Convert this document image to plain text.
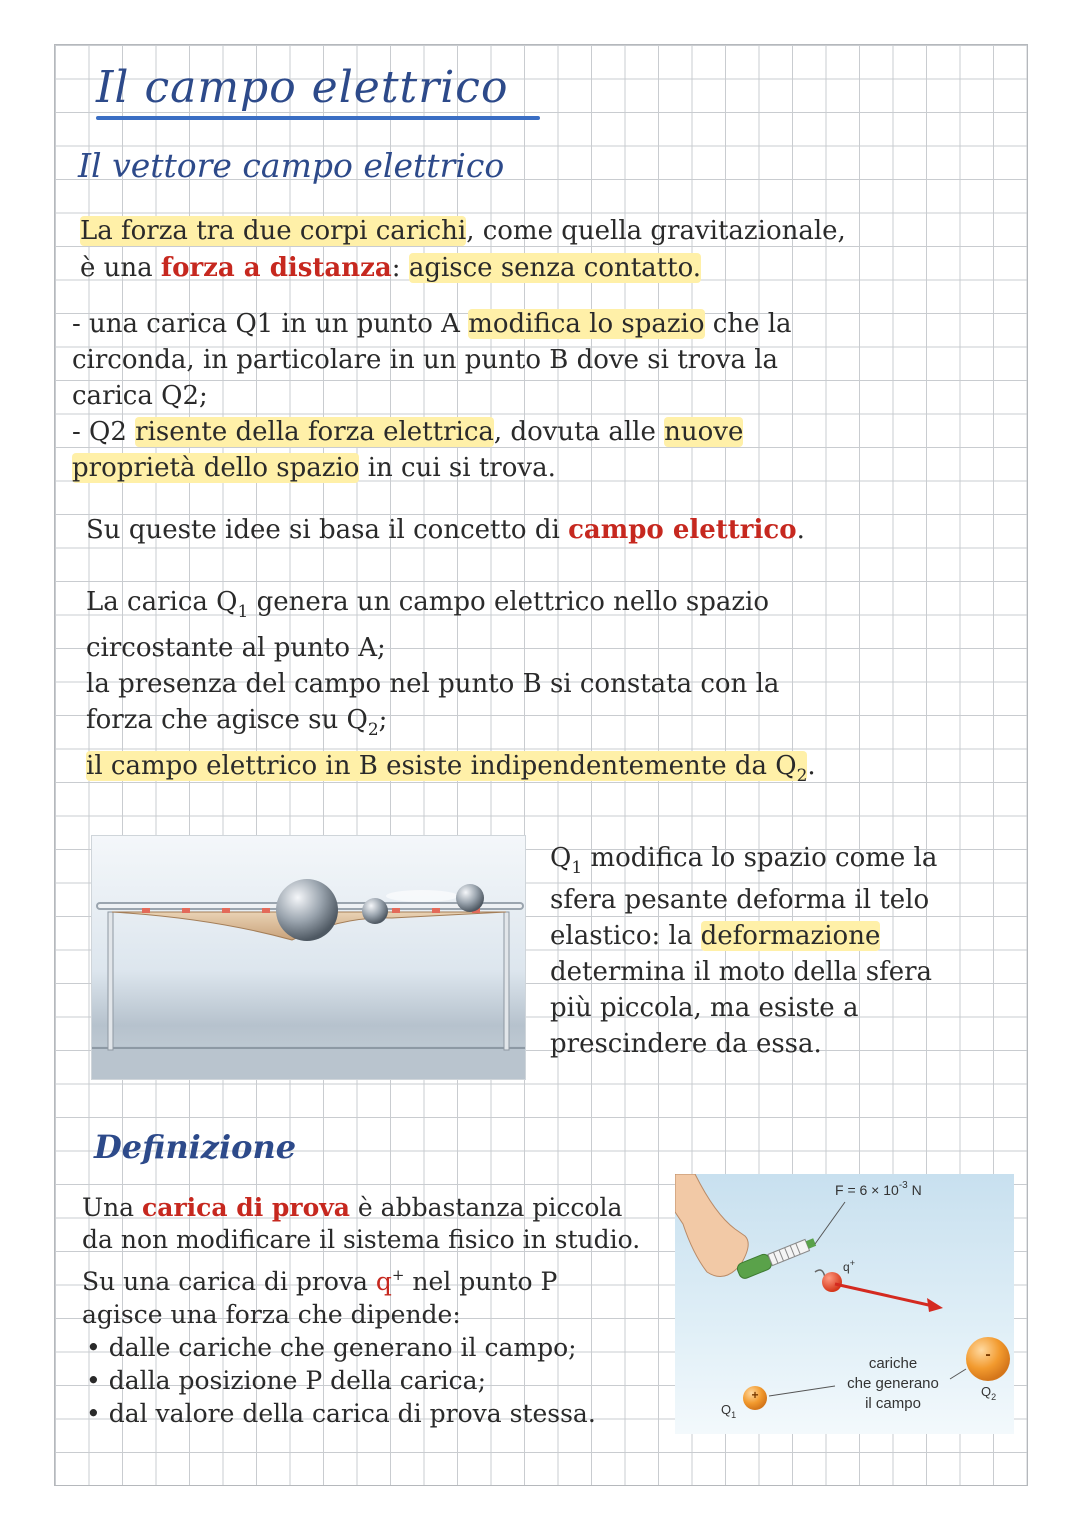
Il campo elettrico
Il vettore campo elettrico
La forza tra due corpi carichi, come quella gravitazionale,
è una forza a distanza: agisce senza contatto.
- una carica Q1 in un punto A modifica lo spazio che la
circonda, in particolare in un punto B dove si trova la
carica Q2;
- Q2 risente della forza elettrica, dovuta alle nuove
proprietà dello spazio in cui si trova.
Su queste idee si basa il concetto di campo elettrico.
La carica $Q_1$ genera un campo elettrico nello spazio
circostante al punto A;
la presenza del campo nel punto B si constata con la
forza che agisce su $Q_2$;
il campo elettrico in B esiste indipendentemente da $Q_2$.
$Q_1$ modifica lo spazio come la
sfera pesante deforma il telo
elastico: la deformazione
determina il moto della sfera
più piccola, ma esiste a
prescindere da essa.
Definizione
Una carica di prova è abbastanza piccola
da non modificare il sistema fisico in studio.
Su una carica di prova q+ nel punto P
agisce una forza che dipende:
• dalle cariche che generano il campo;
• dalla posizione P della carica;
• dal valore della carica di prova stessa.
$F = 6 \times 10^{-3}$ N
q+
+
-
$Q_1$
$Q_2$
cariche
che generano
il campo
